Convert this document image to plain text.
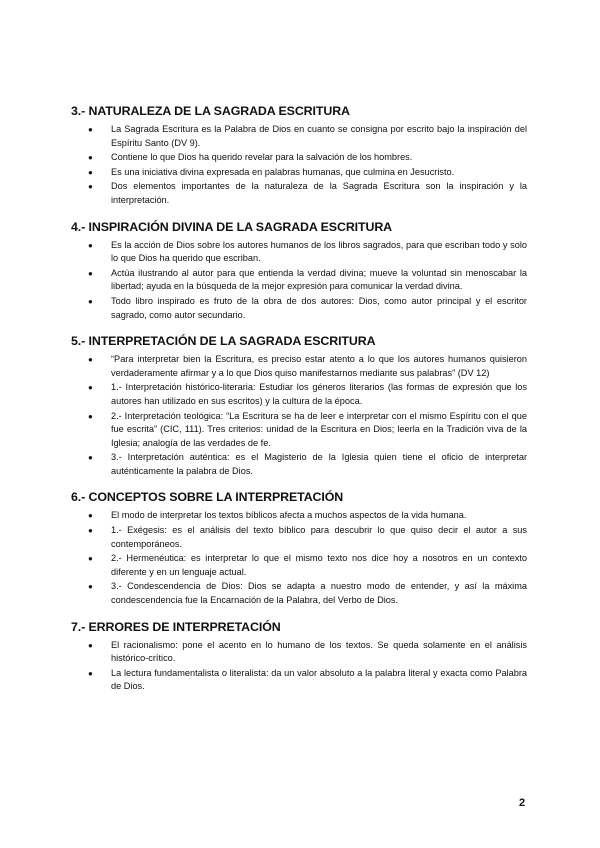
3.- NATURALEZA DE LA SAGRADA ESCRITURA
● La Sagrada Escritura es la Palabra de Dios en cuanto se consigna por escrito bajo la inspiración del Espíritu Santo (DV 9).
● Contiene lo que Dios ha querido revelar para la salvación de los hombres.
● Es una iniciativa divina expresada en palabras humanas, que culmina en Jesucristo.
● Dos elementos importantes de la naturaleza de la Sagrada Escritura son la inspiración y la interpretación.
4.- INSPIRACIÓN DIVINA DE LA SAGRADA ESCRITURA
● Es la acción de Dios sobre los autores humanos de los libros sagrados, para que escriban todo y solo lo que Dios ha querido que escriban.
● Actúa ilustrando al autor para que entienda la verdad divina; mueve la voluntad sin menoscabar la libertad; ayuda en la búsqueda de la mejor expresión para comunicar la verdad divina.
● Todo libro inspirado es fruto de la obra de dos autores: Dios, como autor principal y el escritor sagrado, como autor secundario.
5.- INTERPRETACIÓN DE LA SAGRADA ESCRITURA
● “Para interpretar bien la Escritura, es preciso estar atento a lo que los autores humanos quisieron verdaderamente afirmar y a lo que Dios quiso manifestarnos mediante sus palabras” (DV 12)
● 1.- Interpretación histórico-literaria: Estudiar los géneros literarios (las formas de expresión que los autores han utilizado en sus escritos) y la cultura de la época.
● 2.- Interpretación teológica: “La Escritura se ha de leer e interpretar con el mismo Espíritu con el que fue escrita” (CIC, 111). Tres criterios: unidad de la Escritura en Dios; leerla en la Tradición viva de la Iglesia; analogía de las verdades de fe.
● 3.- Interpretación auténtica: es el Magisterio de la Iglesia quien tiene el oficio de interpretar auténticamente la palabra de Dios.
6.- CONCEPTOS SOBRE LA INTERPRETACIÓN
● El modo de interpretar los textos bíblicos afecta a muchos aspectos de la vida humana.
● 1.- Exégesis: es el análisis del texto bíblico para descubrir lo que quiso decir el autor a sus contemporáneos.
● 2.- Hermenéutica: es interpretar lo que el mismo texto nos dice hoy a nosotros en un contexto diferente y en un lenguaje actual.
● 3.- Condescendencia de Dios: Dios se adapta a nuestro modo de entender, y así la máxima condescendencia fue la Encarnación de la Palabra, del Verbo de Dios.
7.- ERRORES DE INTERPRETACIÓN
● El racionalismo: pone el acento en lo humano de los textos. Se queda solamente en el análisis histórico-crítico.
● La lectura fundamentalista o literalista: da un valor absoluto a la palabra literal y exacta como Palabra de Dios.
2
